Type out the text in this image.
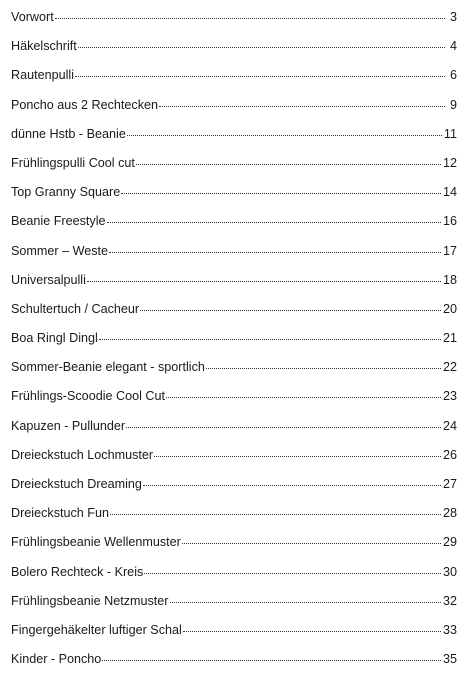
Vorwort	3
Häkelschrift	4
Rautenpulli	6
Poncho aus 2 Rechtecken	9
dünne Hstb - Beanie	11
Frühlingspulli Cool cut	12
Top Granny Square	14
Beanie Freestyle	16
Sommer – Weste	17
Universalpulli	18
Schultertuch / Cacheur	20
Boa Ringl Dingl	21
Sommer-Beanie elegant - sportlich	22
Frühlings-Scoodie Cool Cut	23
Kapuzen - Pullunder	24
Dreieckstuch Lochmuster	26
Dreieckstuch Dreaming	27
Dreieckstuch Fun	28
Frühlingsbeanie Wellenmuster	29
Bolero Rechteck - Kreis	30
Frühlingsbeanie Netzmuster	32
Fingergehäkelter luftiger Schal	33
Kinder - Poncho	35
